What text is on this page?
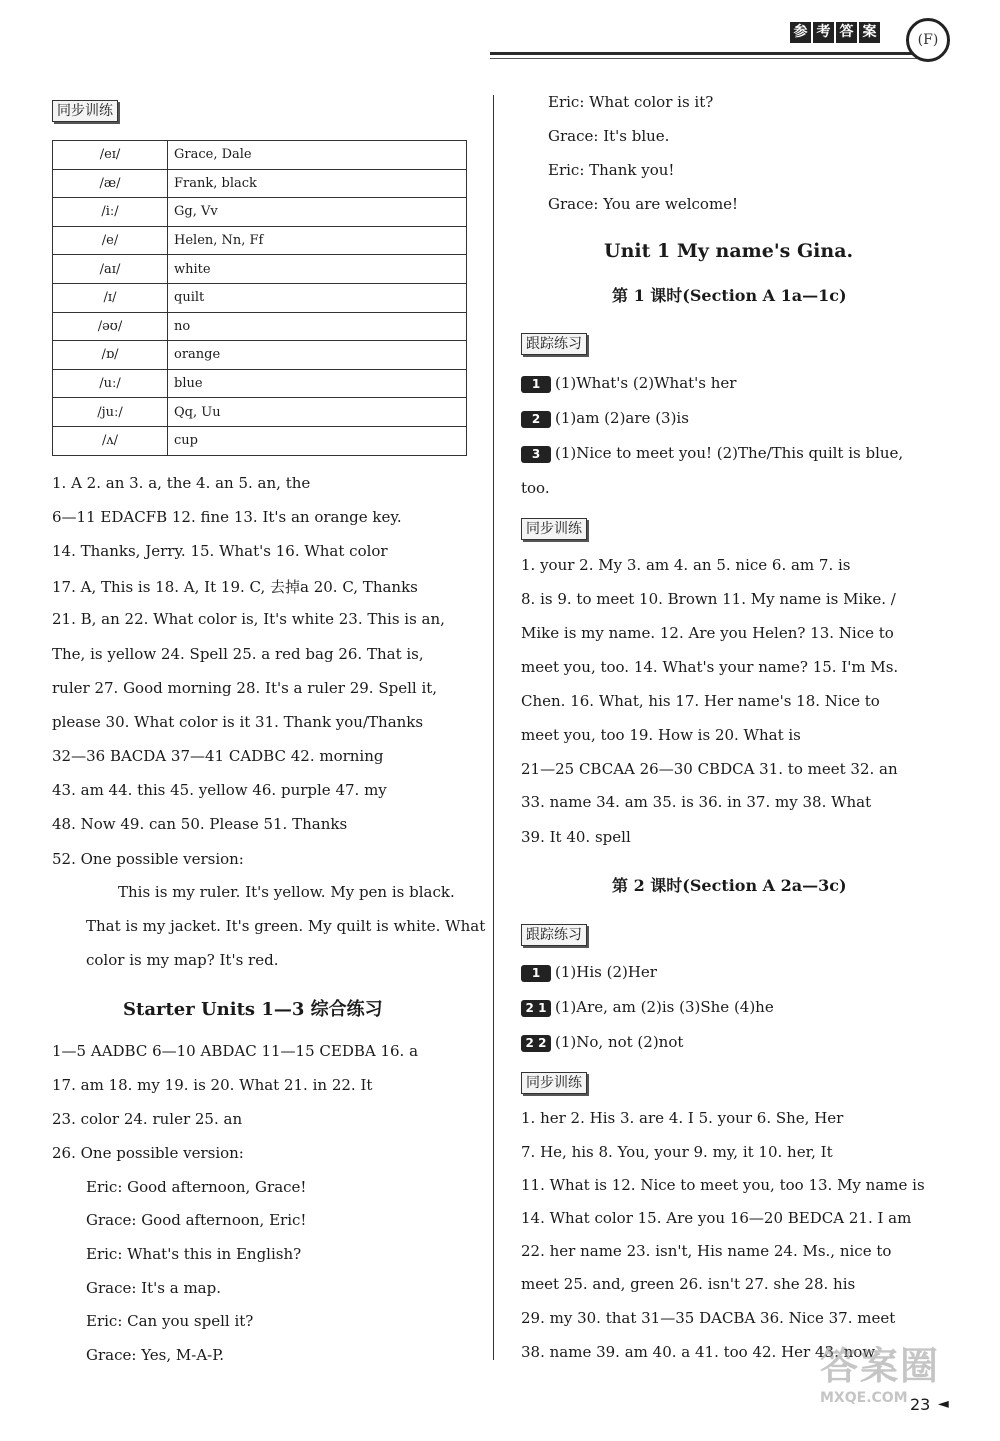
参 考 答 案	(F)
同步训练
/eɪ/	Grace, Dale
/æ/	Frank, black
/iː/	Gg, Vv
/e/	Helen, Nn, Ff
/aɪ/	white
/ɪ/	quilt
/əʊ/	no
/ɒ/	orange
/uː/	blue
/juː/	Qq, Uu
/ʌ/	cup
1. A 2. an 3. a, the 4. an 5. an, the
6—11 EDACFB 12. fine 13. It's an orange key.
14. Thanks, Jerry. 15. What's 16. What color
17. A, This is 18. A, It 19. C, 去掉a 20. C, Thanks
21. B, an 22. What color is, It's white 23. This is an,
The, is yellow 24. Spell 25. a red bag 26. That is,
ruler 27. Good morning 28. It's a ruler 29. Spell it,
please 30. What color is it 31. Thank you/Thanks
32—36 BACDA 37—41 CADBC 42. morning
43. am 44. this 45. yellow 46. purple 47. my
48. Now 49. can 50. Please 51. Thanks
52. One possible version:
This is my ruler. It's yellow. My pen is black.
That is my jacket. It's green. My quilt is white. What
color is my map? It's red.
Starter Units 1—3 综合练习
1—5 AADBC 6—10 ABDAC 11—15 CEDBA 16. a
17. am 18. my 19. is 20. What 21. in 22. It
23. color 24. ruler 25. an
26. One possible version:
Eric: Good afternoon, Grace!
Grace: Good afternoon, Eric!
Eric: What's this in English?
Grace: It's a map.
Eric: Can you spell it?
Grace: Yes, M-A-P.
Eric: What color is it?
Grace: It's blue.
Eric: Thank you!
Grace: You are welcome!
Unit 1 My name's Gina.
第 1 课时(Section A 1a—1c)
跟踪练习
1 (1)What's (2)What's her
2 (1)am (2)are (3)is
3 (1)Nice to meet you! (2)The/This quilt is blue,
too.
同步训练
1. your 2. My 3. am 4. an 5. nice 6. am 7. is
8. is 9. to meet 10. Brown 11. My name is Mike. /
Mike is my name. 12. Are you Helen? 13. Nice to
meet you, too. 14. What's your name? 15. I'm Ms.
Chen. 16. What, his 17. Her name's 18. Nice to
meet you, too 19. How is 20. What is
21—25 CBCAA 26—30 CBDCA 31. to meet 32. an
33. name 34. am 35. is 36. in 37. my 38. What
39. It 40. spell
第 2 课时(Section A 2a—3c)
跟踪练习
1 (1)His (2)Her
2 1 (1)Are, am (2)is (3)She (4)he
2 2 (1)No, not (2)not
同步训练
1. her 2. His 3. are 4. I 5. your 6. She, Her
7. He, his 8. You, your 9. my, it 10. her, It
11. What is 12. Nice to meet you, too 13. My name is
14. What color 15. Are you 16—20 BEDCA 21. I am
22. her name 23. isn't, His name 24. Ms., nice to
meet 25. and, green 26. isn't 27. she 28. his
29. my 30. that 31—35 DACBA 36. Nice 37. meet
38. name 39. am 40. a 41. too 42. Her 43. now
答案圈
MXQE.COM 23 ◄
